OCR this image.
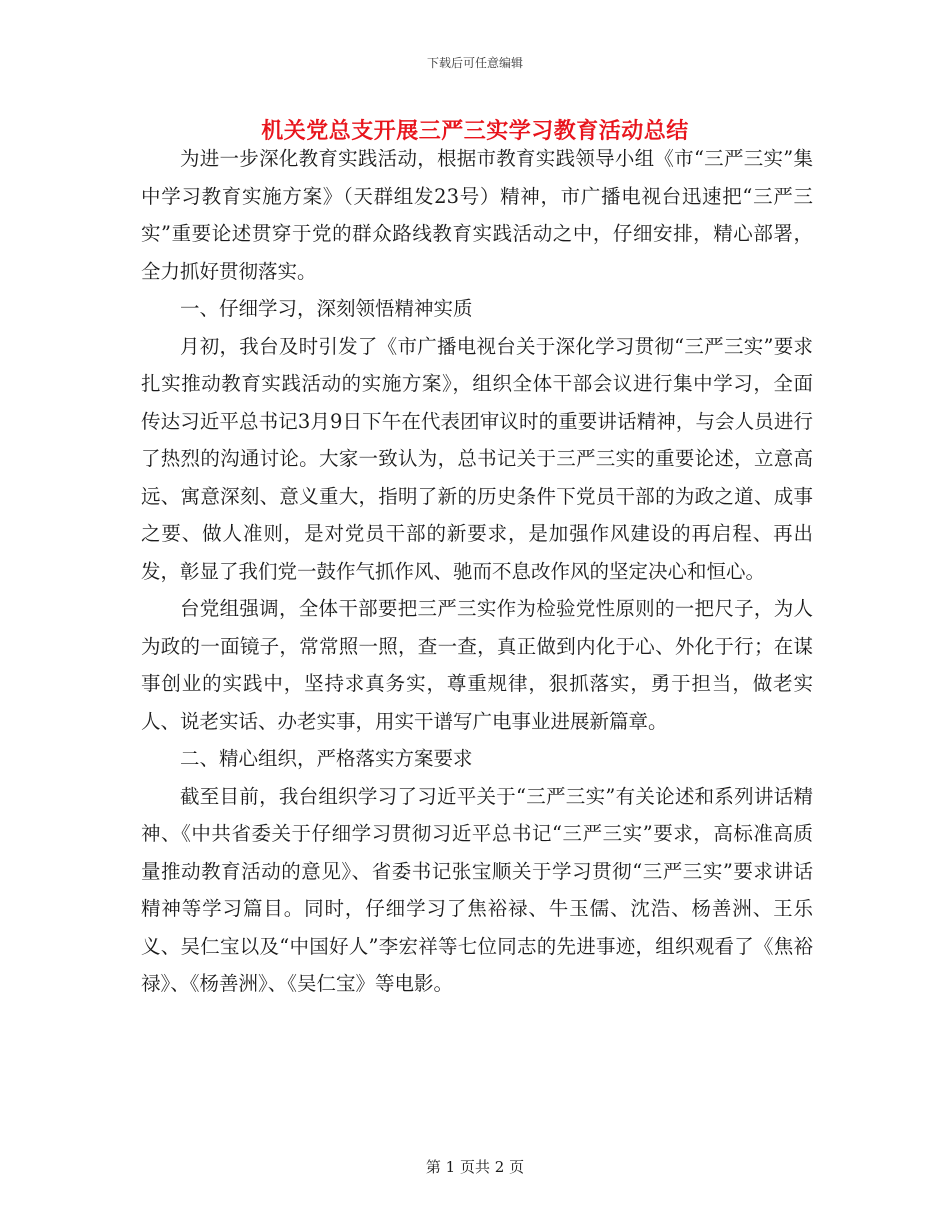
下载后可任意编辑
机关党总支开展三严三实学习教育活动总结

为进一步深化教育实践活动，根据市教育实践领导小组《市“三严三实”集中学习教育实施方案》（天群组发23号）精神，市广播电视台迅速把“三严三实”重要论述贯穿于党的群众路线教育实践活动之中，仔细安排，精心部署，全力抓好贯彻落实。

一、仔细学习，深刻领悟精神实质

月初，我台及时引发了《市广播电视台关于深化学习贯彻“三严三实”要求扎实推动教育实践活动的实施方案》，组织全体干部会议进行集中学习，全面传达习近平总书记3月9日下午在代表团审议时的重要讲话精神，与会人员进行了热烈的沟通讨论。大家一致认为，总书记关于三严三实的重要论述，立意高远、寓意深刻、意义重大，指明了新的历史条件下党员干部的为政之道、成事之要、做人准则，是对党员干部的新要求，是加强作风建设的再启程、再出发，彰显了我们党一鼓作气抓作风、驰而不息改作风的坚定决心和恒心。

台党组强调，全体干部要把三严三实作为检验党性原则的一把尺子，为人为政的一面镜子，常常照一照，查一查，真正做到内化于心、外化于行；在谋事创业的实践中，坚持求真务实，尊重规律，狠抓落实，勇于担当，做老实人、说老实话、办老实事，用实干谱写广电事业进展新篇章。

二、精心组织，严格落实方案要求

截至目前，我台组织学习了习近平关于“三严三实”有关论述和系列讲话精神、《中共省委关于仔细学习贯彻习近平总书记“三严三实”要求，高标准高质量推动教育活动的意见》、省委书记张宝顺关于学习贯彻“三严三实”要求讲话精神等学习篇目。同时，仔细学习了焦裕禄、牛玉儒、沈浩、杨善洲、王乐义、吴仁宝以及“中国好人”李宏祥等七位同志的先进事迹，组织观看了《焦裕禄》、《杨善洲》、《吴仁宝》等电影。

第 1 页共 2 页
